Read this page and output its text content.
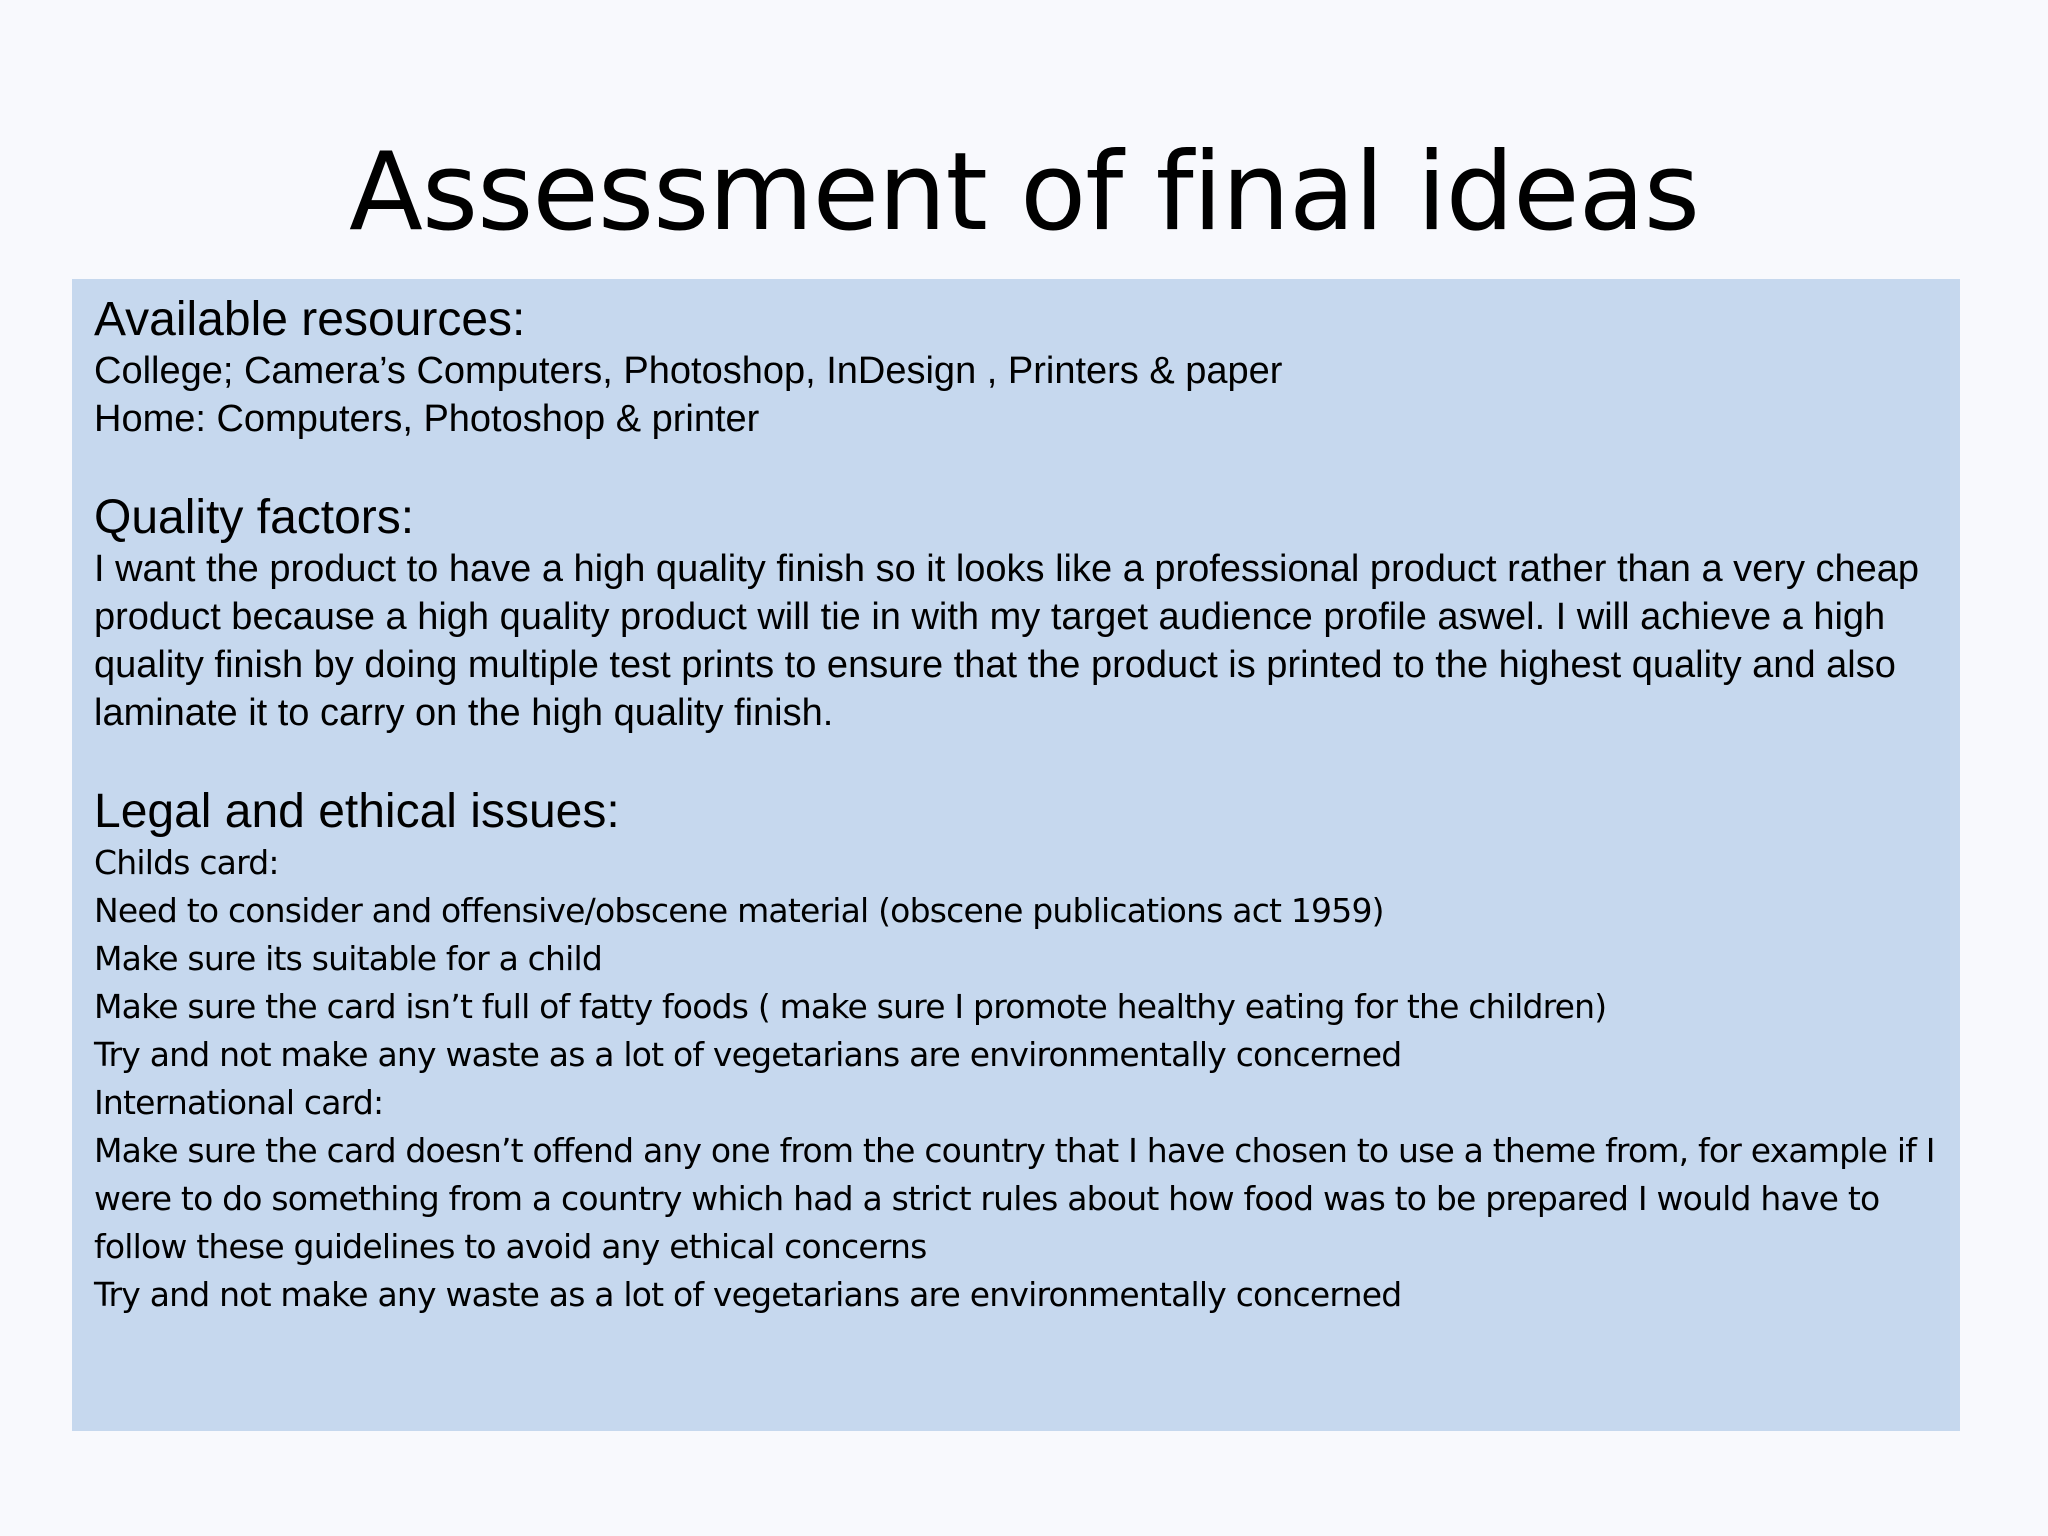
Assessment of final ideas

Available resources:

College; Camera’s Computers, Photoshop, InDesign , Printers & paper

Home: Computers, Photoshop & printer

Quality factors:

I want the product to have a high quality finish so it looks like a professional product rather than a very cheap product because a high quality product will tie in with my target audience profile aswel. I will achieve a high quality finish by doing multiple test prints to ensure that the product is printed to the highest quality and also laminate it to carry on the high quality finish.

Legal and ethical issues:

Childs card:
Need to consider and offensive/obscene material (obscene publications act 1959)
Make sure its suitable for a child
Make sure the card isn’t full of fatty foods ( make sure I promote healthy eating for the children)
Try and not make any waste as a lot of vegetarians are environmentally concerned
International card:
Make sure the card doesn’t offend any one from the country that I have chosen to use a theme from, for example if I were to do something from a country which had a strict rules about how food was to be prepared I would have to follow these guidelines to avoid any ethical concerns
Try and not make any waste as a lot of vegetarians are environmentally concerned
